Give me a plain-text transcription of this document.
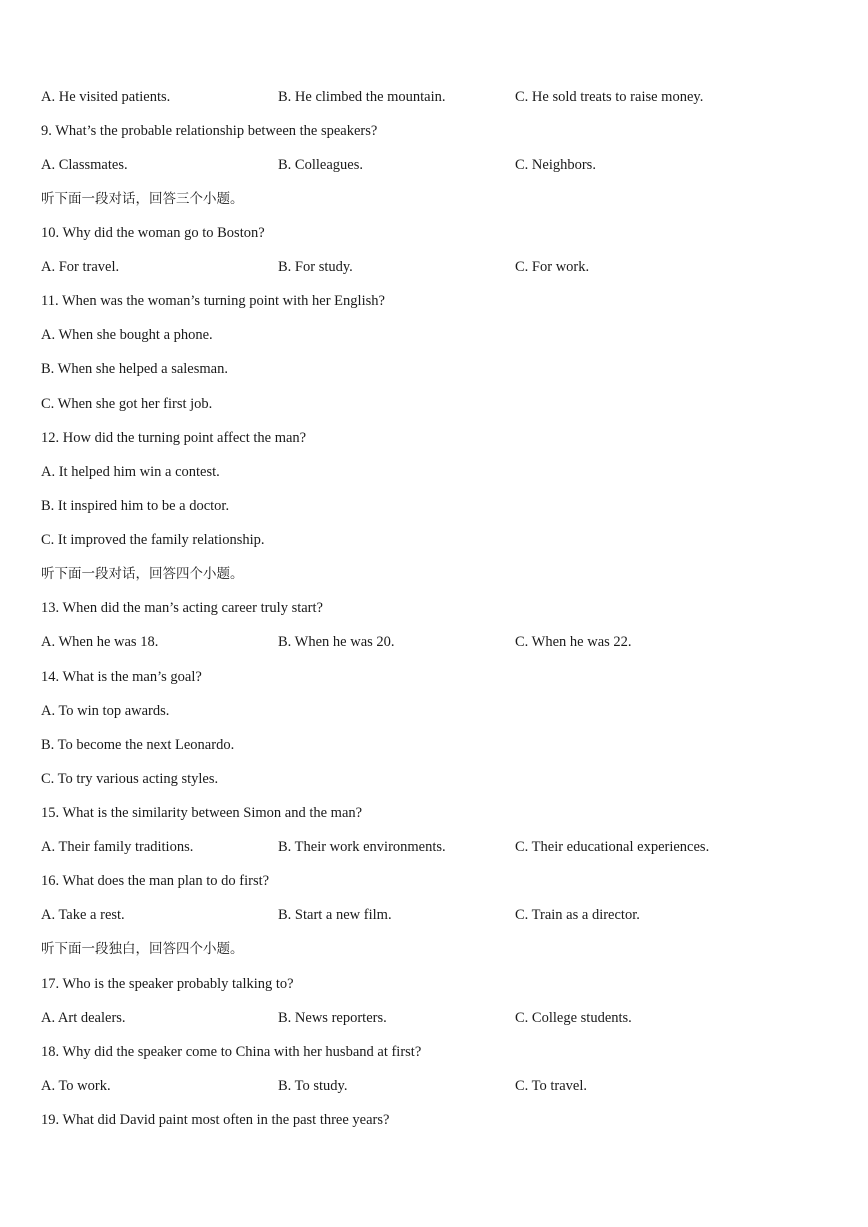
A. He visited patients.	B. He climbed the mountain.	C. He sold treats to raise money.
9. What’s the probable relationship between the speakers?
A. Classmates.	B. Colleagues.	C. Neighbors.
听下面一段对话，回答三个小题。
10. Why did the woman go to Boston?
A. For travel.	B. For study.	C. For work.
11. When was the woman’s turning point with her English?
A. When she bought a phone.
B. When she helped a salesman.
C. When she got her first job.
12. How did the turning point affect the man?
A. It helped him win a contest.
B. It inspired him to be a doctor.
C. It improved the family relationship.
听下面一段对话，回答四个小题。
13. When did the man’s acting career truly start?
A. When he was 18.	B. When he was 20.	C. When he was 22.
14. What is the man’s goal?
A. To win top awards.
B. To become the next Leonardo.
C. To try various acting styles.
15. What is the similarity between Simon and the man?
A. Their family traditions.	B. Their work environments.	C. Their educational experiences.
16. What does the man plan to do first?
A. Take a rest.	B. Start a new film.	C. Train as a director.
听下面一段独白，回答四个小题。
17. Who is the speaker probably talking to?
A. Art dealers.	B. News reporters.	C. College students.
18. Why did the speaker come to China with her husband at first?
A. To work.	B. To study.	C. To travel.
19. What did David paint most often in the past three years?
